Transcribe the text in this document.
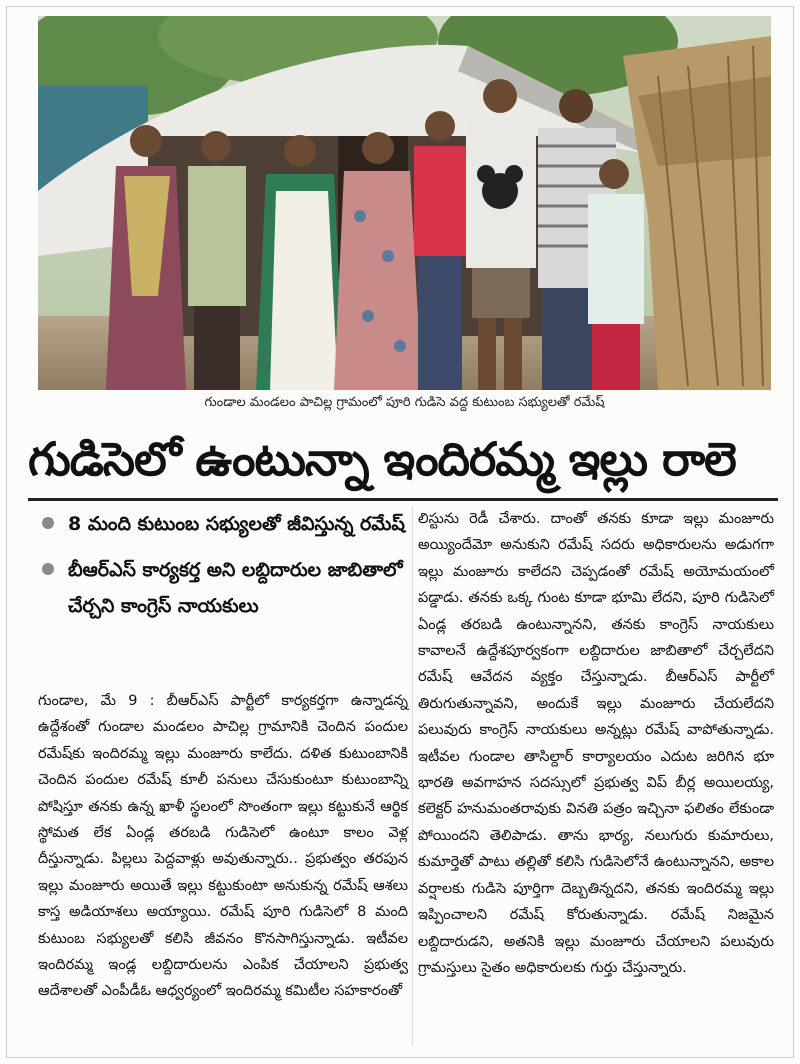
గుండాల మండలం పాచిల్ల గ్రామంలో పూరి గుడిసె వద్ద కుటుంబ సభ్యులతో రమేష్
గుడిసెలో ఉంటున్నా ఇందిరమ్మ ఇల్లు రాలె
8 మంది కుటుంబ సభ్యులతో జీవిస్తున్న రమేష్
బీఆర్ఎస్ కార్యకర్త అని లబ్దిదారుల జాబితాలో చేర్చని కాంగ్రెస్ నాయకులు

గుండాల, మే 9 : బీఆర్ఎస్ పార్టీలో కార్యకర్తగా ఉన్నాడన్న ఉద్దేశంతో గుండాల మండలం పాచిల్ల గ్రామానికి చెందిన పందుల రమేష్‌కు ఇందిరమ్మ ఇల్లు మంజూరు కాలేదు. దళిత కుటుంబానికి చెందిన పందుల రమేష్ కూలీ పనులు చేసుకుంటూ కుటుంబాన్ని పోషిస్తూ తనకు ఉన్న ఖాళీ స్థలంలో సొంతంగా ఇల్లు కట్టుకునే ఆర్థిక స్థోమత లేక ఏండ్ల తరబడి గుడిసెలో ఉంటూ కాలం వెళ్ల దీస్తున్నాడు. పిల్లలు పెద్దవాళ్లు అవుతున్నారు.. ప్రభుత్వం తరపున ఇల్లు మంజూరు అయితే ఇల్లు కట్టుకుంటా అనుకున్న రమేష్ ఆశలు కాస్త అడియాశలు అయ్యాయి. రమేష్ పూరి గుడిసెలో 8 మంది కుటుంబ సభ్యులతో కలిసి జీవనం కొనసాగిస్తున్నాడు. ఇటీవల ఇందిరమ్మ ఇండ్ల లబ్దిదారులను ఎంపిక చేయాలని ప్రభుత్వ ఆదేశాలతో ఎంపీడీఓ ఆధ్వర్యంలో ఇందిరమ్మ కమిటీల సహకారంతో

లిస్టును రెడీ చేశారు. దాంతో తనకు కూడా ఇల్లు మంజూరు అయ్యిందేమో అనుకుని రమేష్ సదరు అధికారులను అడుగగా ఇల్లు మంజూరు కాలేదని చెప్పడంతో రమేష్ అయోమయంలో పడ్డాడు. తనకు ఒక్క గుంట కూడా భూమి లేదని, పూరి గుడిసెలో ఏండ్ల తరబడి ఉంటున్నానని, తనకు కాంగ్రెస్ నాయకులు కావాలనే ఉద్దేశపూర్వకంగా లబ్దిదారుల జాబితాలో చేర్చలేదని రమేష్ ఆవేదన వ్యక్తం చేస్తున్నాడు. బీఆర్ఎస్ పార్టీలో తిరుగుతున్నావని, అందుకే ఇల్లు మంజూరు చేయలేదని పలువురు కాంగ్రెస్ నాయకులు అన్నట్లు రమేష్ వాపోతున్నాడు. ఇటీవల గుండాల తాసిల్దార్ కార్యాలయం ఎదుట జరిగిన భూ భారతి అవగాహన సదస్సులో ప్రభుత్వ విప్ బీర్ల అయిలయ్య, కలెక్టర్ హనుమంతరావుకు వినతి పత్రం ఇచ్చినా ఫలితం లేకుండా పోయిందని తెలిపాడు. తాను భార్య, నలుగురు కుమారులు, కుమార్తెతో పాటు తల్లితో కలిసి గుడిసెలోనే ఉంటున్నానని, అకాల వర్షాలకు గుడిసె పూర్తిగా దెబ్బతిన్నదని, తనకు ఇందిరమ్మ ఇల్లు ఇప్పించాలని రమేష్ కోరుతున్నాడు. రమేష్ నిజమైన లబ్దిదారుడని, అతనికి ఇల్లు మంజూరు చేయాలని పలువురు గ్రామస్తులు సైతం అధికారులకు గుర్తు చేస్తున్నారు.
